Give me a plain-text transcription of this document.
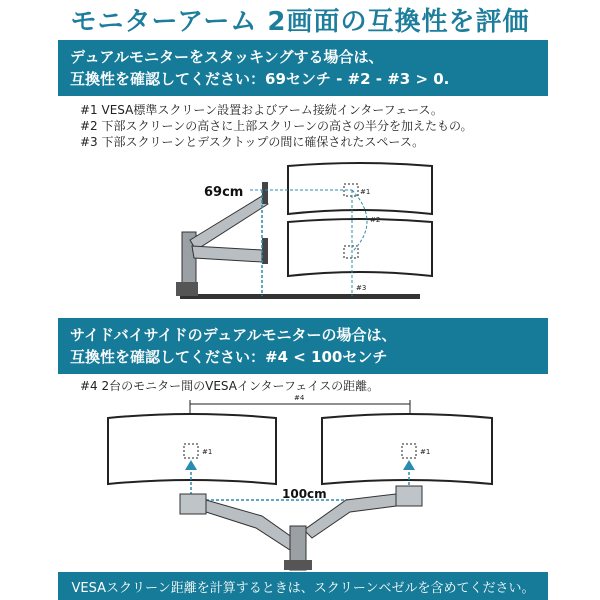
モニターアーム 2画面の互換性を評価
デュアルモニターをスタッキングする場合は、
互換性を確認してください：69センチ - #2 - #3 > 0.
#1 VESA標準スクリーン設置およびアーム接続インターフェース。
#2 下部スクリーンの高さに上部スクリーンの高さの半分を加えたもの。
#3 下部スクリーンとデスクトップの間に確保されたスペース。
69cm	#1
#2
#3
サイドバイサイドのデュアルモニターの場合は、
互換性を確認してください：#4 < 100センチ
#4 2台のモニター間のVESAインターフェイスの距離。
#4
#1	#1
100cm
VESAスクリーン距離を計算するときは、スクリーンベゼルを含めてください。
